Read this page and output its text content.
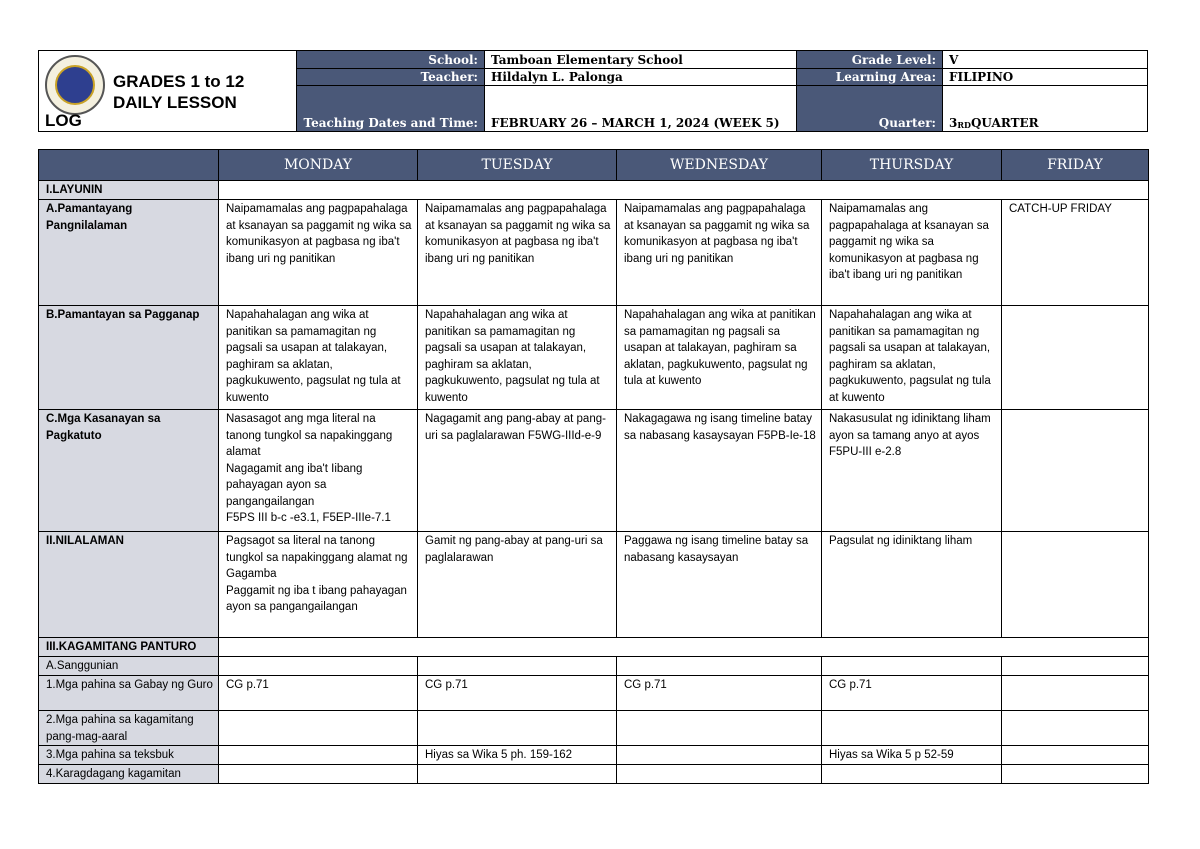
GRADES 1 to 12
DAILY LESSON
LOG
School:	Tamboan Elementary School	Grade Level:	V
Teacher:	Hildalyn L. Palonga	Learning Area:	FILIPINO
Teaching Dates and Time:	FEBRUARY 26 – MARCH 1, 2024 (WEEK 5)	Quarter:	3 RD QUARTER
	MONDAY	TUESDAY	WEDNESDAY	THURSDAY	FRIDAY
I.LAYUNIN					
A.Pamantayang Pangnilalaman	Naipamamalas ang pagpapahalaga at ksanayan sa paggamit ng wika sa komunikasyon at pagbasa ng iba't ibang uri ng panitikan	Naipamamalas ang pagpapahalaga at ksanayan sa paggamit ng wika sa komunikasyon at pagbasa ng iba't ibang uri ng panitikan	Naipamamalas ang pagpapahalaga at ksanayan sa paggamit ng wika sa komunikasyon at pagbasa ng iba't ibang uri ng panitikan	Naipamamalas ang pagpapahalaga at ksanayan sa paggamit ng wika sa komunikasyon at pagbasa ng iba't ibang uri ng panitikan	CATCH-UP FRIDAY
B.Pamantayan sa Pagganap	Napahahalagan ang wika at panitikan sa pamamagitan ng pagsali sa usapan at talakayan, paghiram sa aklatan, pagkukuwento, pagsulat ng tula at kuwento	Napahahalagan ang wika at panitikan sa pamamagitan ng pagsali sa usapan at talakayan, paghiram sa aklatan, pagkukuwento, pagsulat ng tula at kuwento	Napahahalagan ang wika at panitikan sa pamamagitan ng pagsali sa usapan at talakayan, paghiram sa aklatan, pagkukuwento, pagsulat ng tula at kuwento	Napahahalagan ang wika at panitikan sa pamamagitan ng pagsali sa usapan at talakayan, paghiram sa aklatan, pagkukuwento, pagsulat ng tula at kuwento	
C.Mga Kasanayan sa Pagkatuto	Nasasagot ang mga literal na tanong tungkol sa napakinggang alamat
Nagagamit ang iba't Iibang pahayagan ayon sa pangangailangan
F5PS III b-c -e3.1, F5EP-IIIe-7.1	Nagagamit ang pang-abay at pang-uri sa paglalarawan F5WG-IIId-e-9	Nakagagawa ng isang timeline batay sa nabasang kasaysayan F5PB-Ie-18	Nakasusulat ng idiniktang liham ayon sa tamang anyo at ayos F5PU-III e-2.8	
II.NILALAMAN	Pagsagot sa literal na tanong tungkol sa napakinggang alamat ng Gagamba
Paggamit ng iba t ibang pahayagan ayon sa pangangailangan	Gamit ng pang-abay at pang-uri sa paglalarawan	Paggawa ng isang timeline batay sa nabasang kasaysayan	Pagsulat ng idiniktang liham	
III.KAGAMITANG PANTURO					
A.Sanggunian					
1.Mga pahina sa Gabay ng Guro	CG p.71	CG p.71	CG p.71	CG p.71	
2.Mga pahina sa kagamitang pang-mag-aaral					
3.Mga pahina sa teksbuk		Hiyas sa Wika 5 ph. 159-162		Hiyas sa Wika 5 p 52-59	
4.Karagdagang kagamitan					
